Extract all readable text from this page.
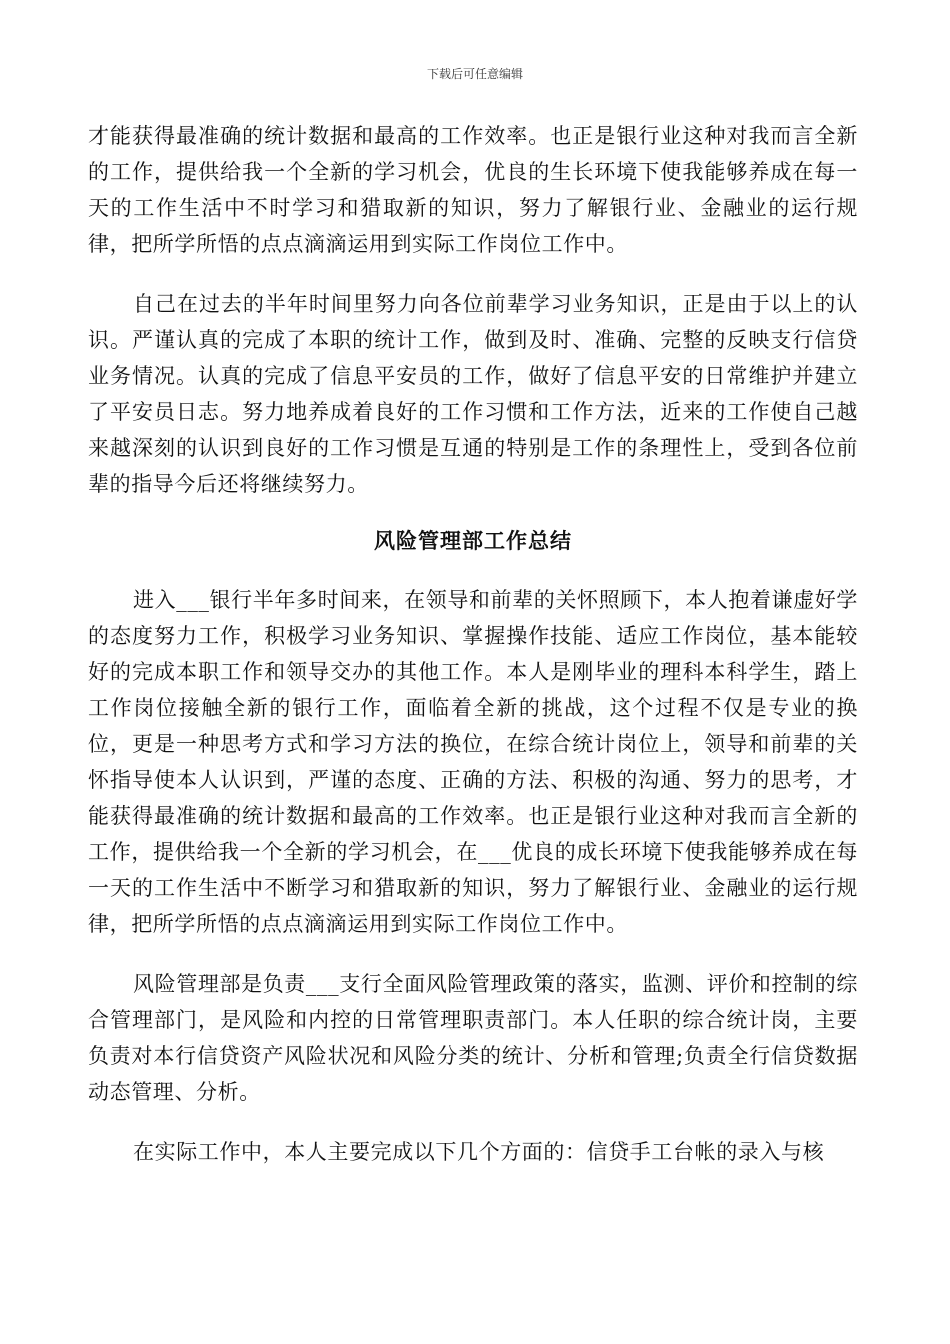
下载后可任意编辑

才能获得最准确的统计数据和最高的工作效率。也正是银行业这种对我而言全新的工作，提供给我一个全新的学习机会，优良的生长环境下使我能够养成在每一天的工作生活中不时学习和猎取新的知识，努力了解银行业、金融业的运行规律，把所学所悟的点点滴滴运用到实际工作岗位工作中。

自己在过去的半年时间里努力向各位前辈学习业务知识，正是由于以上的认识。严谨认真的完成了本职的统计工作，做到及时、准确、完整的反映支行信贷业务情况。认真的完成了信息平安员的工作，做好了信息平安的日常维护并建立了平安员日志。努力地养成着良好的工作习惯和工作方法，近来的工作使自己越来越深刻的认识到良好的工作习惯是互通的特别是工作的条理性上，受到各位前辈的指导今后还将继续努力。

风险管理部工作总结

进入___银行半年多时间来，在领导和前辈的关怀照顾下，本人抱着谦虚好学的态度努力工作，积极学习业务知识、掌握操作技能、适应工作岗位，基本能较好的完成本职工作和领导交办的其他工作。本人是刚毕业的理科本科学生，踏上工作岗位接触全新的银行工作，面临着全新的挑战，这个过程不仅是专业的换位，更是一种思考方式和学习方法的换位，在综合统计岗位上，领导和前辈的关怀指导使本人认识到，严谨的态度、正确的方法、积极的沟通、努力的思考，才能获得最准确的统计数据和最高的工作效率。也正是银行业这种对我而言全新的工作，提供给我一个全新的学习机会，在___优良的成长环境下使我能够养成在每一天的工作生活中不断学习和猎取新的知识，努力了解银行业、金融业的运行规律，把所学所悟的点点滴滴运用到实际工作岗位工作中。

风险管理部是负责___支行全面风险管理政策的落实，监测、评价和控制的综合管理部门，是风险和内控的日常管理职责部门。本人任职的综合统计岗，主要负责对本行信贷资产风险状况和风险分类的统计、分析和管理;负责全行信贷数据动态管理、分析。

在实际工作中，本人主要完成以下几个方面的：信贷手工台帐的录入与核
